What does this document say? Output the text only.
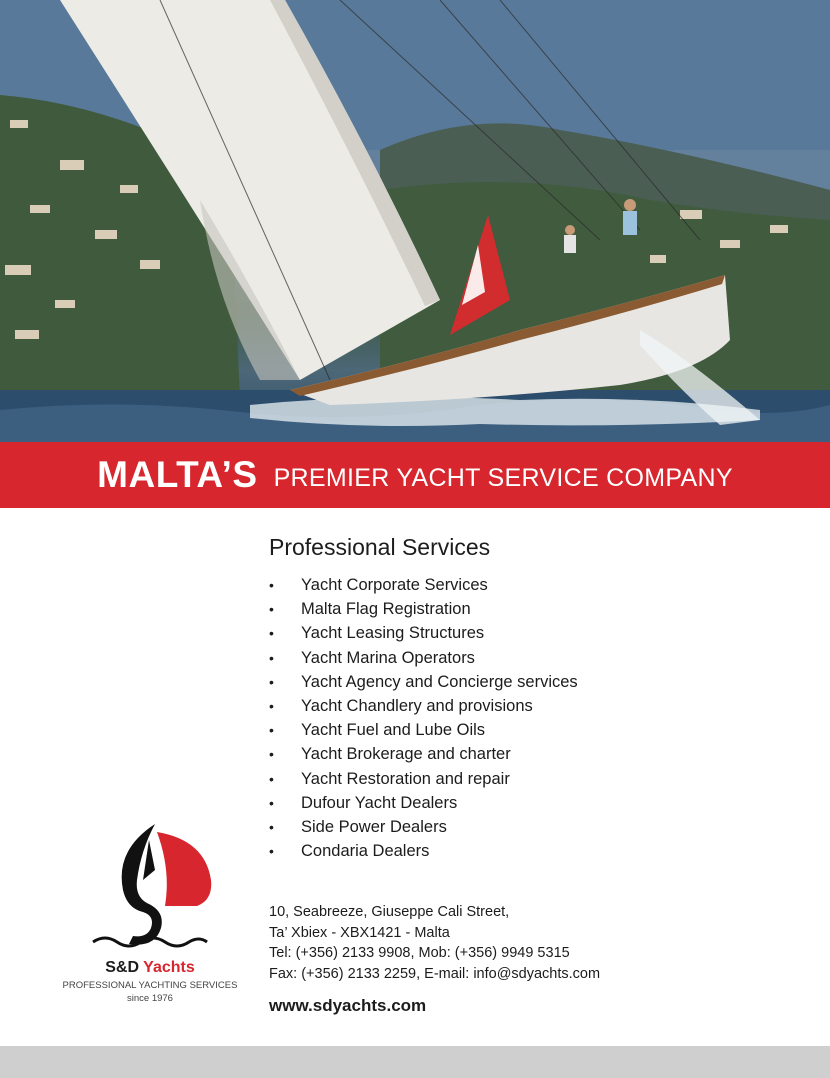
MALTA’S PREMIER YACHT SERVICE COMPANY
Professional Services
• Yacht Corporate Services
• Malta Flag Registration
• Yacht Leasing Structures
• Yacht Marina Operators
• Yacht Agency and Concierge services
• Yacht Chandlery and provisions
• Yacht Fuel and Lube Oils
• Yacht Brokerage and charter
• Yacht Restoration and repair
• Dufour Yacht Dealers
• Side Power Dealers
• Condaria Dealers
10, Seabreeze, Giuseppe Cali Street,
Ta’ Xbiex - XBX1421 - Malta
Tel: (+356) 2133 9908, Mob: (+356) 9949 5315
Fax: (+356) 2133 2259, E-mail: info@sdyachts.com
www.sdyachts.com
S&D Yachts
PROFESSIONAL YACHTING SERVICES
since 1976
